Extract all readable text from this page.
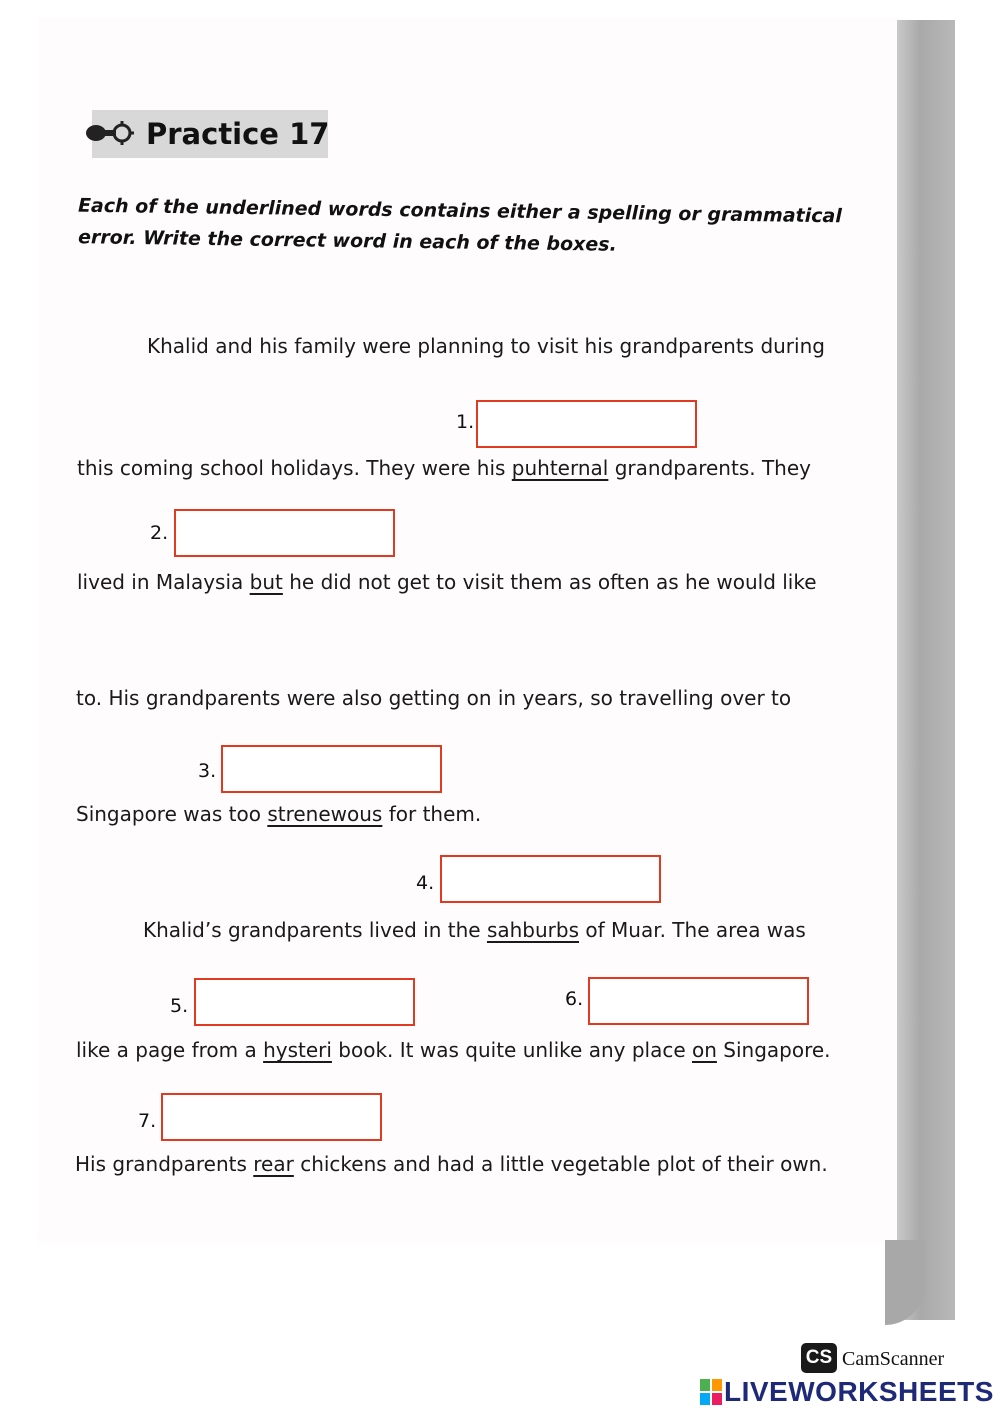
Practice 17
Each of the underlined words contains either a spelling or grammatical
error. Write the correct word in each of the boxes.
Khalid and his family were planning to visit his grandparents during
1.
this coming school holidays. They were his puhternal grandparents. They
2.
lived in Malaysia but he did not get to visit them as often as he would like
to. His grandparents were also getting on in years, so travelling over to
3.
Singapore was too strenewous for them.
4.
Khalid’s grandparents lived in the sahburbs of Muar. The area was
5.	6.
like a page from a hysteri book. It was quite unlike any place on Singapore.
7.
His grandparents rear chickens and had a little vegetable plot of their own.
CS CamScanner
LIVEWORKSHEETS
